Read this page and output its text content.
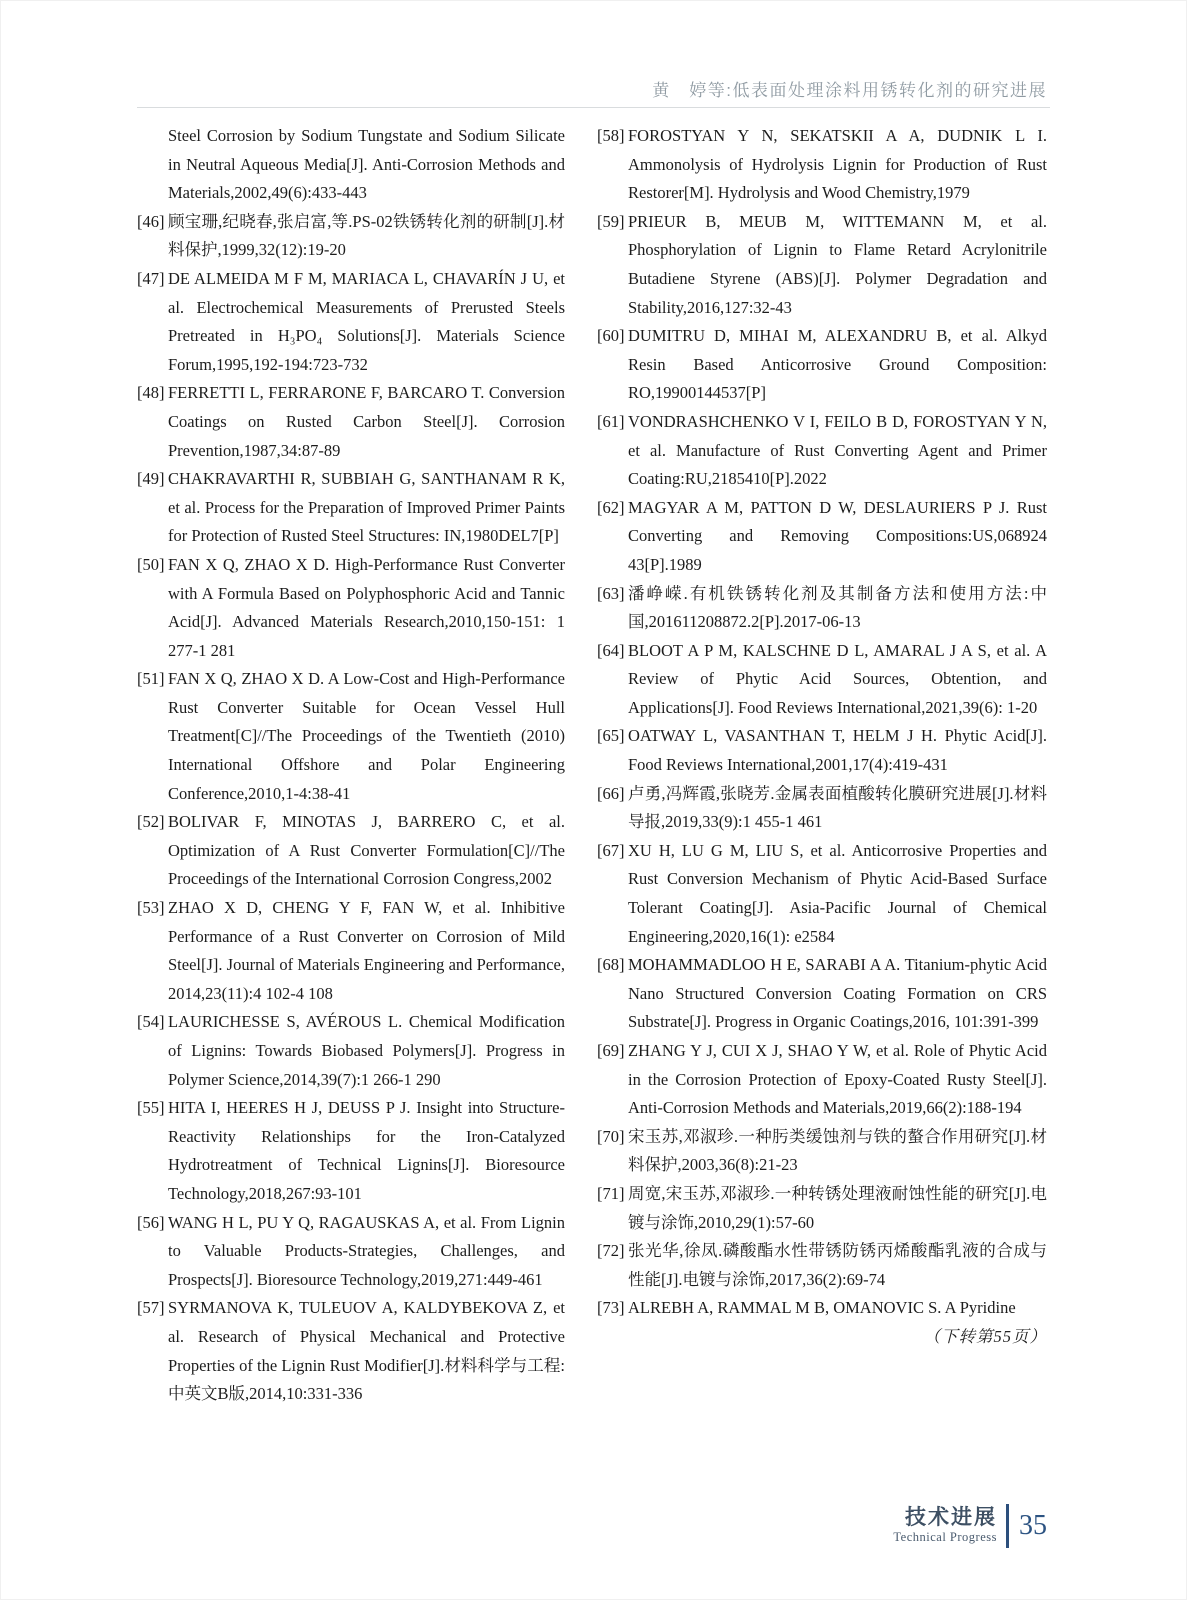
黄　婷等:低表面处理涂料用锈转化剂的研究进展
Steel Corrosion by Sodium Tungstate and Sodium Silicate in Neutral Aqueous Media[J]. Anti-Corrosion Methods and Materials,2002,49(6):433-443
[46] 顾宝珊,纪晓春,张启富,等.PS-02铁锈转化剂的研制[J].材料保护,1999,32(12):19-20
[47] DE ALMEIDA M F M, MARIACA L, CHAVARÍN J U, et al. Electrochemical Measurements of Prerusted Steels Pretreated in H₃PO₄ Solutions[J]. Materials Science Forum,1995,192-194:723-732
[48] FERRETTI L, FERRARONE F, BARCARO T. Conversion Coatings on Rusted Carbon Steel[J]. Corrosion Prevention,1987,34:87-89
[49] CHAKRAVARTHI R, SUBBIAH G, SANTHANAM R K, et al. Process for the Preparation of Improved Primer Paints for Protection of Rusted Steel Structures: IN,1980DEL7[P]
[50] FAN X Q, ZHAO X D. High-Performance Rust Converter with A Formula Based on Polyphosphoric Acid and Tannic Acid[J]. Advanced Materials Research,2010,150-151: 1 277-1 281
[51] FAN X Q, ZHAO X D. A Low-Cost and High-Performance Rust Converter Suitable for Ocean Vessel Hull Treatment[C]//The Proceedings of the Twentieth (2010) International Offshore and Polar Engineering Conference,2010,1-4:38-41
[52] BOLIVAR F, MINOTAS J, BARRERO C, et al. Optimization of A Rust Converter Formulation[C]//The Proceedings of the International Corrosion Congress,2002
[53] ZHAO X D, CHENG Y F, FAN W, et al. Inhibitive Performance of a Rust Converter on Corrosion of Mild Steel[J]. Journal of Materials Engineering and Performance, 2014,23(11):4 102-4 108
[54] LAURICHESSE S, AVÉROUS L. Chemical Modification of Lignins: Towards Biobased Polymers[J]. Progress in Polymer Science,2014,39(7):1 266-1 290
[55] HITA I, HEERES H J, DEUSS P J. Insight into Structure-Reactivity Relationships for the Iron-Catalyzed Hydrotreatment of Technical Lignins[J]. Bioresource Technology,2018,267:93-101
[56] WANG H L, PU Y Q, RAGAUSKAS A, et al. From Lignin to Valuable Products-Strategies, Challenges, and Prospects[J]. Bioresource Technology,2019,271:449-461
[57] SYRMANOVA K, TULEUOV A, KALDYBEKOVA Z, et al. Research of Physical Mechanical and Protective Properties of the Lignin Rust Modifier[J].材料科学与工程:中英文B版,2014,10:331-336
[58] FOROSTYAN Y N, SEKATSKII A A, DUDNIK L I. Ammonolysis of Hydrolysis Lignin for Production of Rust Restorer[M]. Hydrolysis and Wood Chemistry,1979
[59] PRIEUR B, MEUB M, WITTEMANN M, et al. Phosphorylation of Lignin to Flame Retard Acrylonitrile Butadiene Styrene (ABS)[J]. Polymer Degradation and Stability,2016,127:32-43
[60] DUMITRU D, MIHAI M, ALEXANDRU B, et al. Alkyd Resin Based Anticorrosive Ground Composition: RO,19900144537[P]
[61] VONDRASHCHENKO V I, FEILO B D, FOROSTYAN Y N, et al. Manufacture of Rust Converting Agent and Primer Coating:RU,2185410[P].2022
[62] MAGYAR A M, PATTON D W, DESLAURIERS P J. Rust Converting and Removing Compositions:US,068924 43[P].1989
[63] 潘峥嵘.有机铁锈转化剂及其制备方法和使用方法:中国,201611208872.2[P].2017-06-13
[64] BLOOT A P M, KALSCHNE D L, AMARAL J A S, et al. A Review of Phytic Acid Sources, Obtention, and Applications[J]. Food Reviews International,2021,39(6): 1-20
[65] OATWAY L, VASANTHAN T, HELM J H. Phytic Acid[J]. Food Reviews International,2001,17(4):419-431
[66] 卢勇,冯辉霞,张晓芳.金属表面植酸转化膜研究进展[J].材料导报,2019,33(9):1 455-1 461
[67] XU H, LU G M, LIU S, et al. Anticorrosive Properties and Rust Conversion Mechanism of Phytic Acid-Based Surface Tolerant Coating[J]. Asia-Pacific Journal of Chemical Engineering,2020,16(1): e2584
[68] MOHAMMADLOO H E, SARABI A A. Titanium-phytic Acid Nano Structured Conversion Coating Formation on CRS Substrate[J]. Progress in Organic Coatings,2016, 101:391-399
[69] ZHANG Y J, CUI X J, SHAO Y W, et al. Role of Phytic Acid in the Corrosion Protection of Epoxy-Coated Rusty Steel[J]. Anti-Corrosion Methods and Materials,2019,66(2):188-194
[70] 宋玉苏,邓淑珍.一种肟类缓蚀剂与铁的螯合作用研究[J].材料保护,2003,36(8):21-23
[71] 周宽,宋玉苏,邓淑珍.一种转锈处理液耐蚀性能的研究[J].电镀与涂饰,2010,29(1):57-60
[72] 张光华,徐凤.磷酸酯水性带锈防锈丙烯酸酯乳液的合成与性能[J].电镀与涂饰,2017,36(2):69-74
[73] ALREBH A, RAMMAL M B, OMANOVIC S. A Pyridine
（下转第55页）
技术进展
Technical Progress 35
